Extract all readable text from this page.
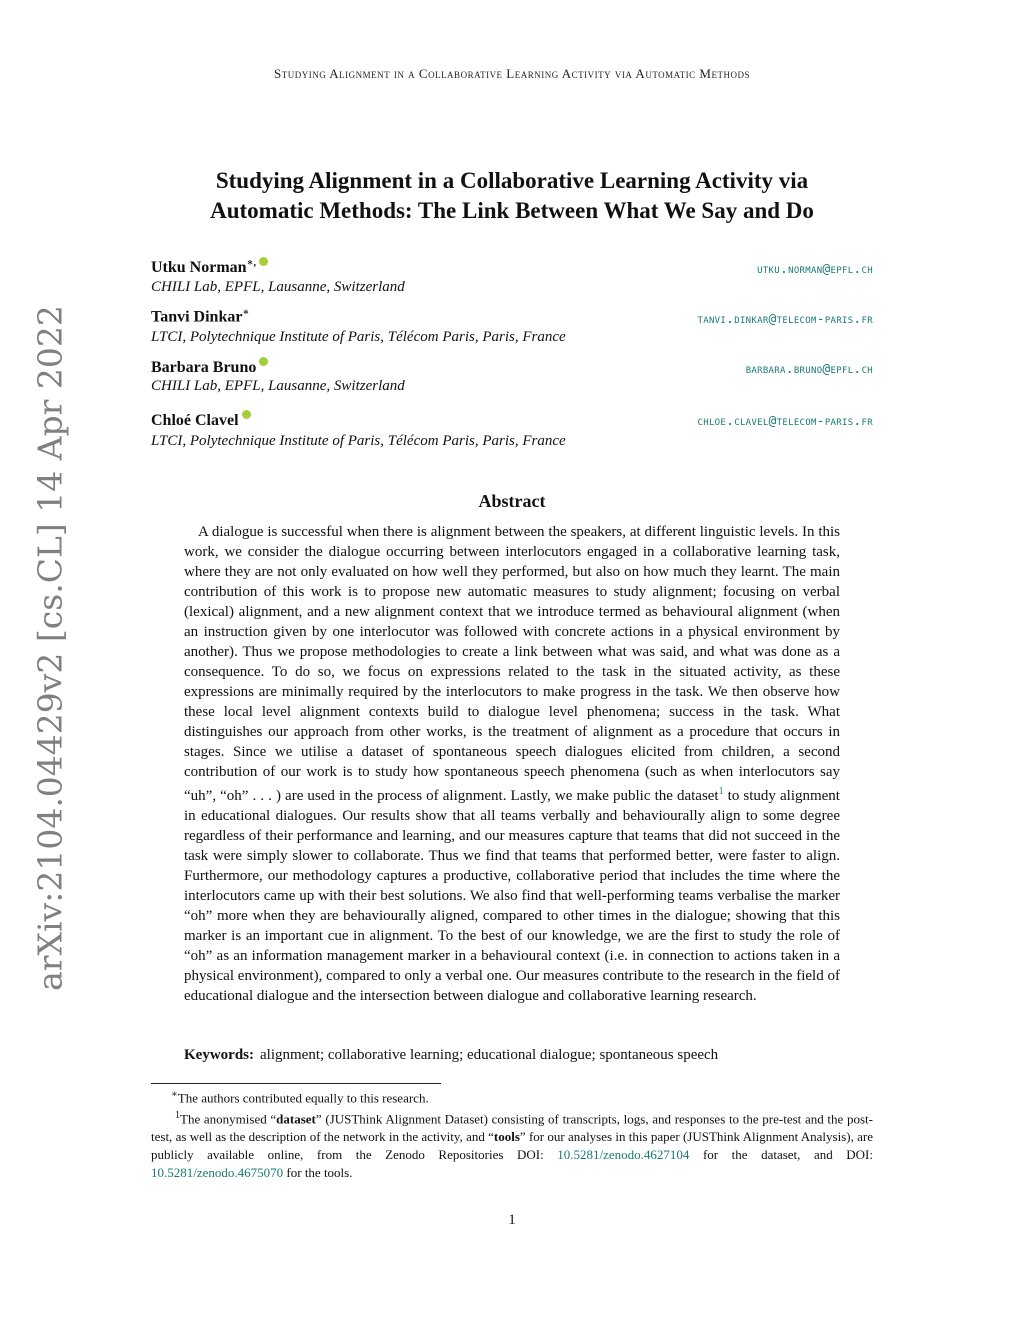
arXiv:2104.04429v2 [cs.CL] 14 Apr 2022
Studying Alignment in a Collaborative Learning Activity via Automatic Methods
Studying Alignment in a Collaborative Learning Activity via
Automatic Methods: The Link Between What We Say and Do
Utku Norman∗,	utku.norman@epfl.ch
CHILI Lab, EPFL, Lausanne, Switzerland
Tanvi Dinkar∗	tanvi.dinkar@telecom-paris.fr
LTCI, Polytechnique Institute of Paris, Télécom Paris, Paris, France
Barbara Bruno	barbara.bruno@epfl.ch
CHILI Lab, EPFL, Lausanne, Switzerland
Chloé Clavel	chloe.clavel@telecom-paris.fr
LTCI, Polytechnique Institute of Paris, Télécom Paris, Paris, France
Abstract

A dialogue is successful when there is alignment between the speakers, at different linguistic levels. In this work, we consider the dialogue occurring between interlocutors engaged in a collaborative learning task, where they are not only evaluated on how well they performed, but also on how much they learnt. The main contribution of this work is to propose new automatic measures to study alignment; focusing on verbal (lexical) alignment, and a new alignment context that we introduce termed as behavioural alignment (when an instruction given by one interlocutor was followed with concrete actions in a physical environment by another). Thus we propose methodologies to create a link between what was said, and what was done as a consequence. To do so, we focus on expressions related to the task in the situated activity, as these expressions are minimally required by the interlocutors to make progress in the task. We then observe how these local level alignment contexts build to dialogue level phenomena; success in the task. What distinguishes our approach from other works, is the treatment of alignment as a procedure that occurs in stages. Since we utilise a dataset of spontaneous speech dialogues elicited from children, a second contribution of our work is to study how spontaneous speech phenomena (such as when interlocutors say “uh”, “oh” . . . ) are used in the process of alignment. Lastly, we make public the dataset$^1$ to study alignment in educational dialogues. Our results show that all teams verbally and behaviourally align to some degree regardless of their performance and learning, and our measures capture that teams that did not succeed in the task were simply slower to collaborate. Thus we find that teams that performed better, were faster to align. Furthermore, our methodology captures a productive, collaborative period that includes the time where the interlocutors came up with their best solutions. We also find that well-performing teams verbalise the marker “oh” more when they are behaviourally aligned, compared to other times in the dialogue; showing that this marker is an important cue in alignment. To the best of our knowledge, we are the first to study the role of “oh” as an information management marker in a behavioural context (i.e. in connection to actions taken in a physical environment), compared to only a verbal one. Our measures contribute to the research in the field of educational dialogue and the intersection between dialogue and collaborative learning research.

Keywords: alignment; collaborative learning; educational dialogue; spontaneous speech
∗The authors contributed equally to this research.

$^1$The anonymised “dataset” (JUSThink Alignment Dataset) consisting of transcripts, logs, and responses to the pre-test and the post-test, as well as the description of the network in the activity, and “tools” for our analyses in this paper (JUSThink Alignment Analysis), are publicly available online, from the Zenodo Repositories DOI: 10.5281/zenodo.4627104 for the dataset, and DOI: 10.5281/zenodo.4675070 for the tools.

1
